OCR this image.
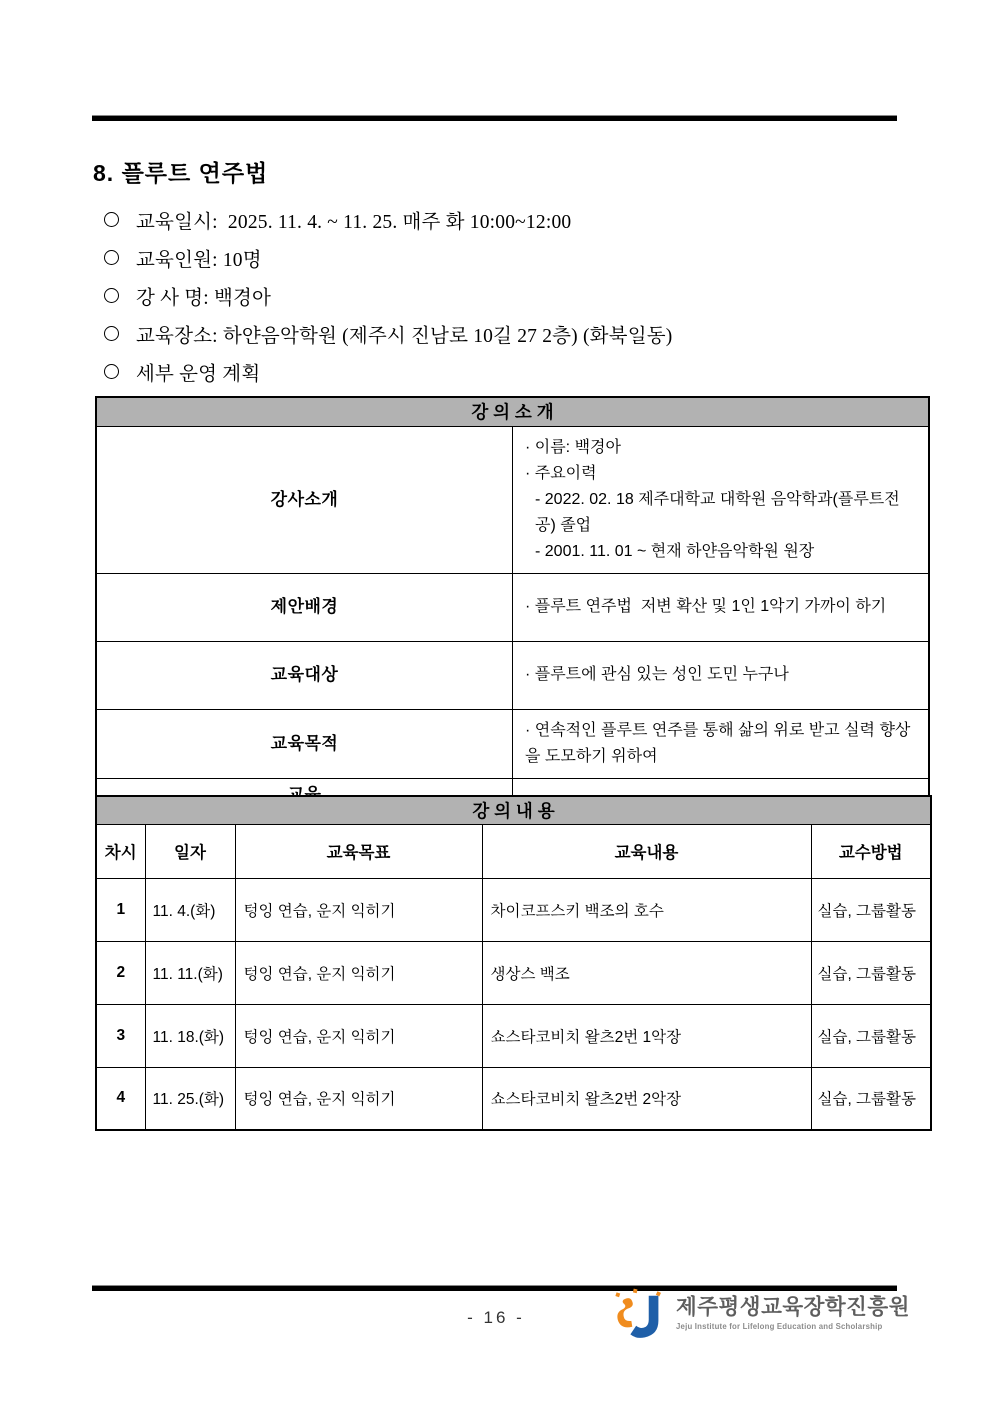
8. 플루트 연주법
교육일시:  2025. 11. 4. ~ 11. 25. 매주 화 10:00~12:00
교육인원: 10명
강 사 명: 백경아
교육장소: 하얀음악학원 (제주시 진남로 10길 27 2층) (화북일동)
세부 운영 계획
강 의 소 개	
강사소개	· 이름: 백경아
· 주요이력
- 2022. 02. 18 제주대학교 대학원 음악학과(플루트전공) 졸업
- 2001. 11. 01 ~ 현재 하얀음악학원 원장

제안배경	· 플루트 연주법  저변 확산 및 1인 1악기 가까이 하기

교육대상	· 플루트에 관심 있는 성인 도민 누구나

교육목적	· 연속적인 플루트 연주를 통해 삶의 위로 받고 실력 향상을 도모하기 위하여

강 의 내 용				
차시	일자	교육목표	교육내용	교수방법
1	11. 4.(화)	텅잉 연습, 운지 익히기	차이코프스키 백조의 호수	실습, 그룹활동
2	11. 11.(화)	텅잉 연습, 운지 익히기	생상스 백조	실습, 그룹활동
3	11. 18.(화)	텅잉 연습, 운지 익히기	쇼스타코비치 왈츠2번 1악장	실습, 그룹활동
4	11. 25.(화)	텅잉 연습, 운지 익히기	쇼스타코비치 왈츠2번 2악장	실습, 그룹활동
- 16 -	제주평생교육장학진흥원
Jeju Institute for Lifelong Education and Scholarship
